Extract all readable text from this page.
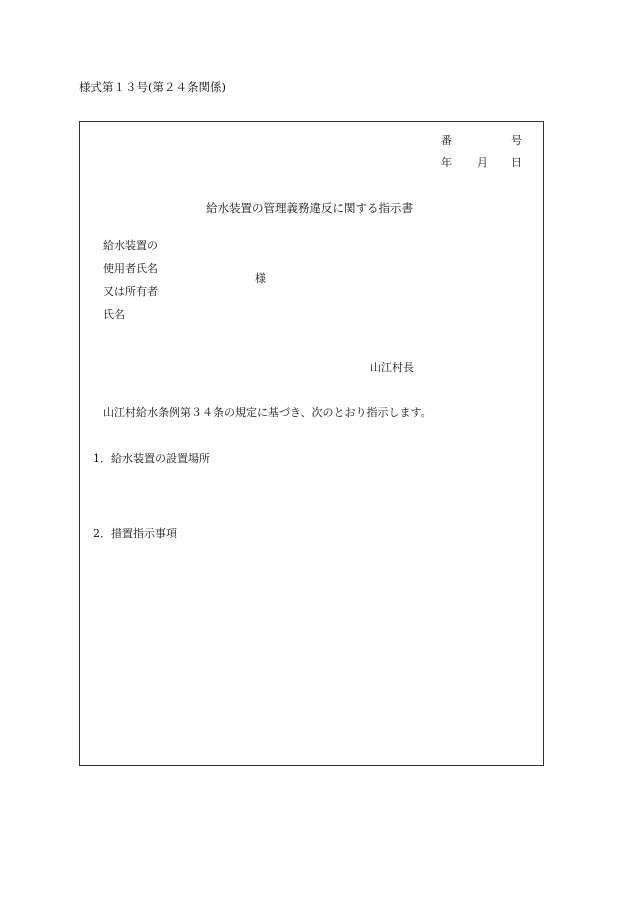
様式第１３号(第２４条関係)
番	号
年 月 日
給水装置の管理義務違反に関する指示書
給水装置の
使用者氏名
又は所有者
氏名
様
山江村長
山江村給水条例第３４条の規定に基づき、次のとおり指示します。
1．給水装置の設置場所
2．措置指示事項
